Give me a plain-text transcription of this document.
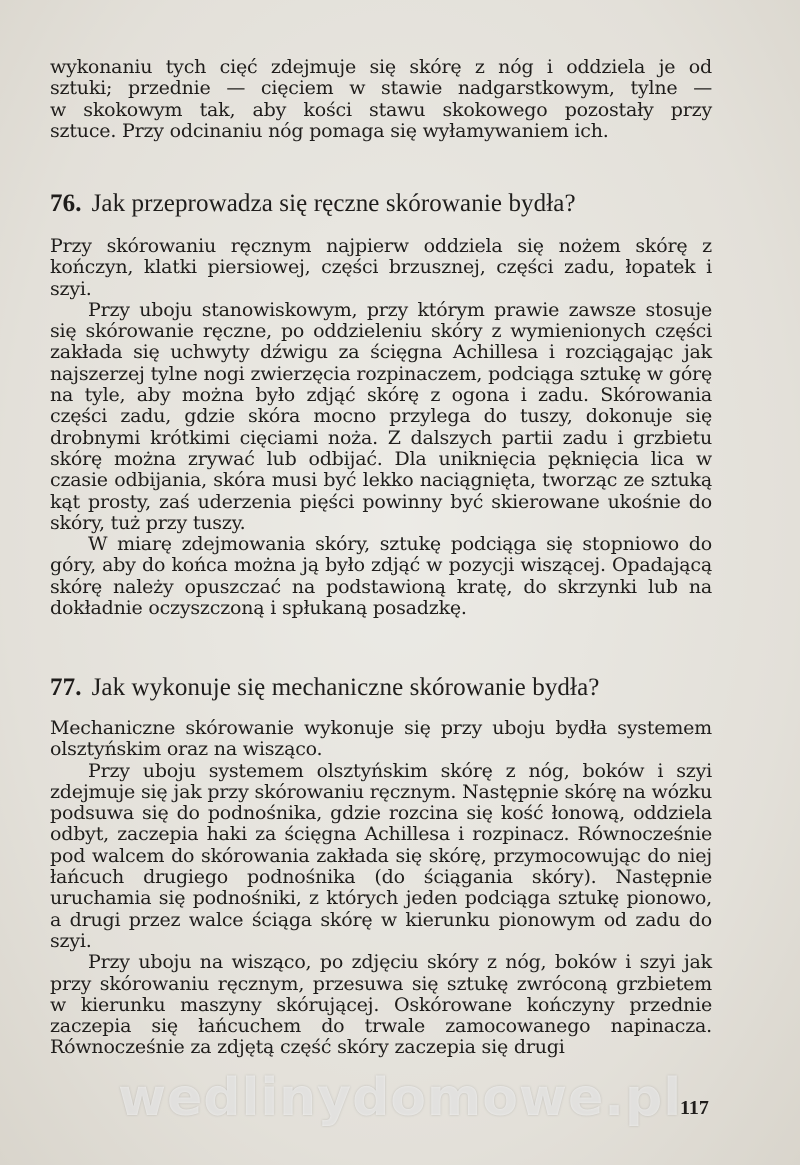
wykonaniu tych cięć zdejmuje się skórę z nóg i oddziela je od

sztuki; przednie — cięciem w stawie nadgarstkowym, tylne —

w skokowym tak, aby kości stawu skokowego pozostały przy

sztuce. Przy odcinaniu nóg pomaga się wyłamywaniem ich.

76. Jak przeprowadza się ręczne skórowanie bydła?

Przy skórowaniu ręcznym najpierw oddziela się nożem skórę z kończyn, klatki piersiowej, części brzusznej, części zadu, łopatek i szyi.

Przy uboju stanowiskowym, przy którym prawie zawsze stosuje się skórowanie ręczne, po oddzieleniu skóry z wymienionych części zakłada się uchwyty dźwigu za ścięgna Achillesa i rozciągając jak najszerzej tylne nogi zwierzęcia rozpinaczem, podciąga sztukę w górę na tyle, aby można było zdjąć skórę z ogona i zadu. Skórowania części zadu, gdzie skóra mocno przylega do tuszy, dokonuje się drobnymi krótkimi cięciami noża. Z dalszych partii zadu i grzbietu skórę można zrywać lub odbijać. Dla uniknięcia pęknięcia lica w czasie odbijania, skóra musi być lekko naciągnięta, tworząc ze sztuką kąt prosty, zaś uderzenia pięści powinny być skierowane ukośnie do skóry, tuż przy tuszy.

W miarę zdejmowania skóry, sztukę podciąga się stopniowo do góry, aby do końca można ją było zdjąć w pozycji wiszącej. Opadającą skórę należy opuszczać na podstawioną kratę, do skrzynki lub na dokładnie oczyszczoną i spłukaną posadzkę.

77. Jak wykonuje się mechaniczne skórowanie bydła?

Mechaniczne skórowanie wykonuje się przy uboju bydła systemem olsztyńskim oraz na wisząco.

Przy uboju systemem olsztyńskim skórę z nóg, boków i szyi zdejmuje się jak przy skórowaniu ręcznym. Następnie skórę na wózku podsuwa się do podnośnika, gdzie rozcina się kość łonową, oddziela odbyt, zaczepia haki za ścięgna Achillesa i rozpinacz. Równocześnie pod walcem do skórowania zakłada się skórę, przymocowując do niej łańcuch drugiego podnośnika (do ściągania skóry). Następnie uruchamia się podnośniki, z których jeden podciąga sztukę pionowo, a drugi przez walce ściąga skórę w kierunku pionowym od zadu do szyi.

Przy uboju na wisząco, po zdjęciu skóry z nóg, boków i szyi jak przy skórowaniu ręcznym, przesuwa się sztukę zwróconą grzbietem w kierunku maszyny skórującej. Oskórowane kończyny przednie zaczepia się łańcuchem do trwale zamocowanego napinacza. Równocześnie za zdjętą część skóry zaczepia się drugi

wedlinydomowe.pl
117
